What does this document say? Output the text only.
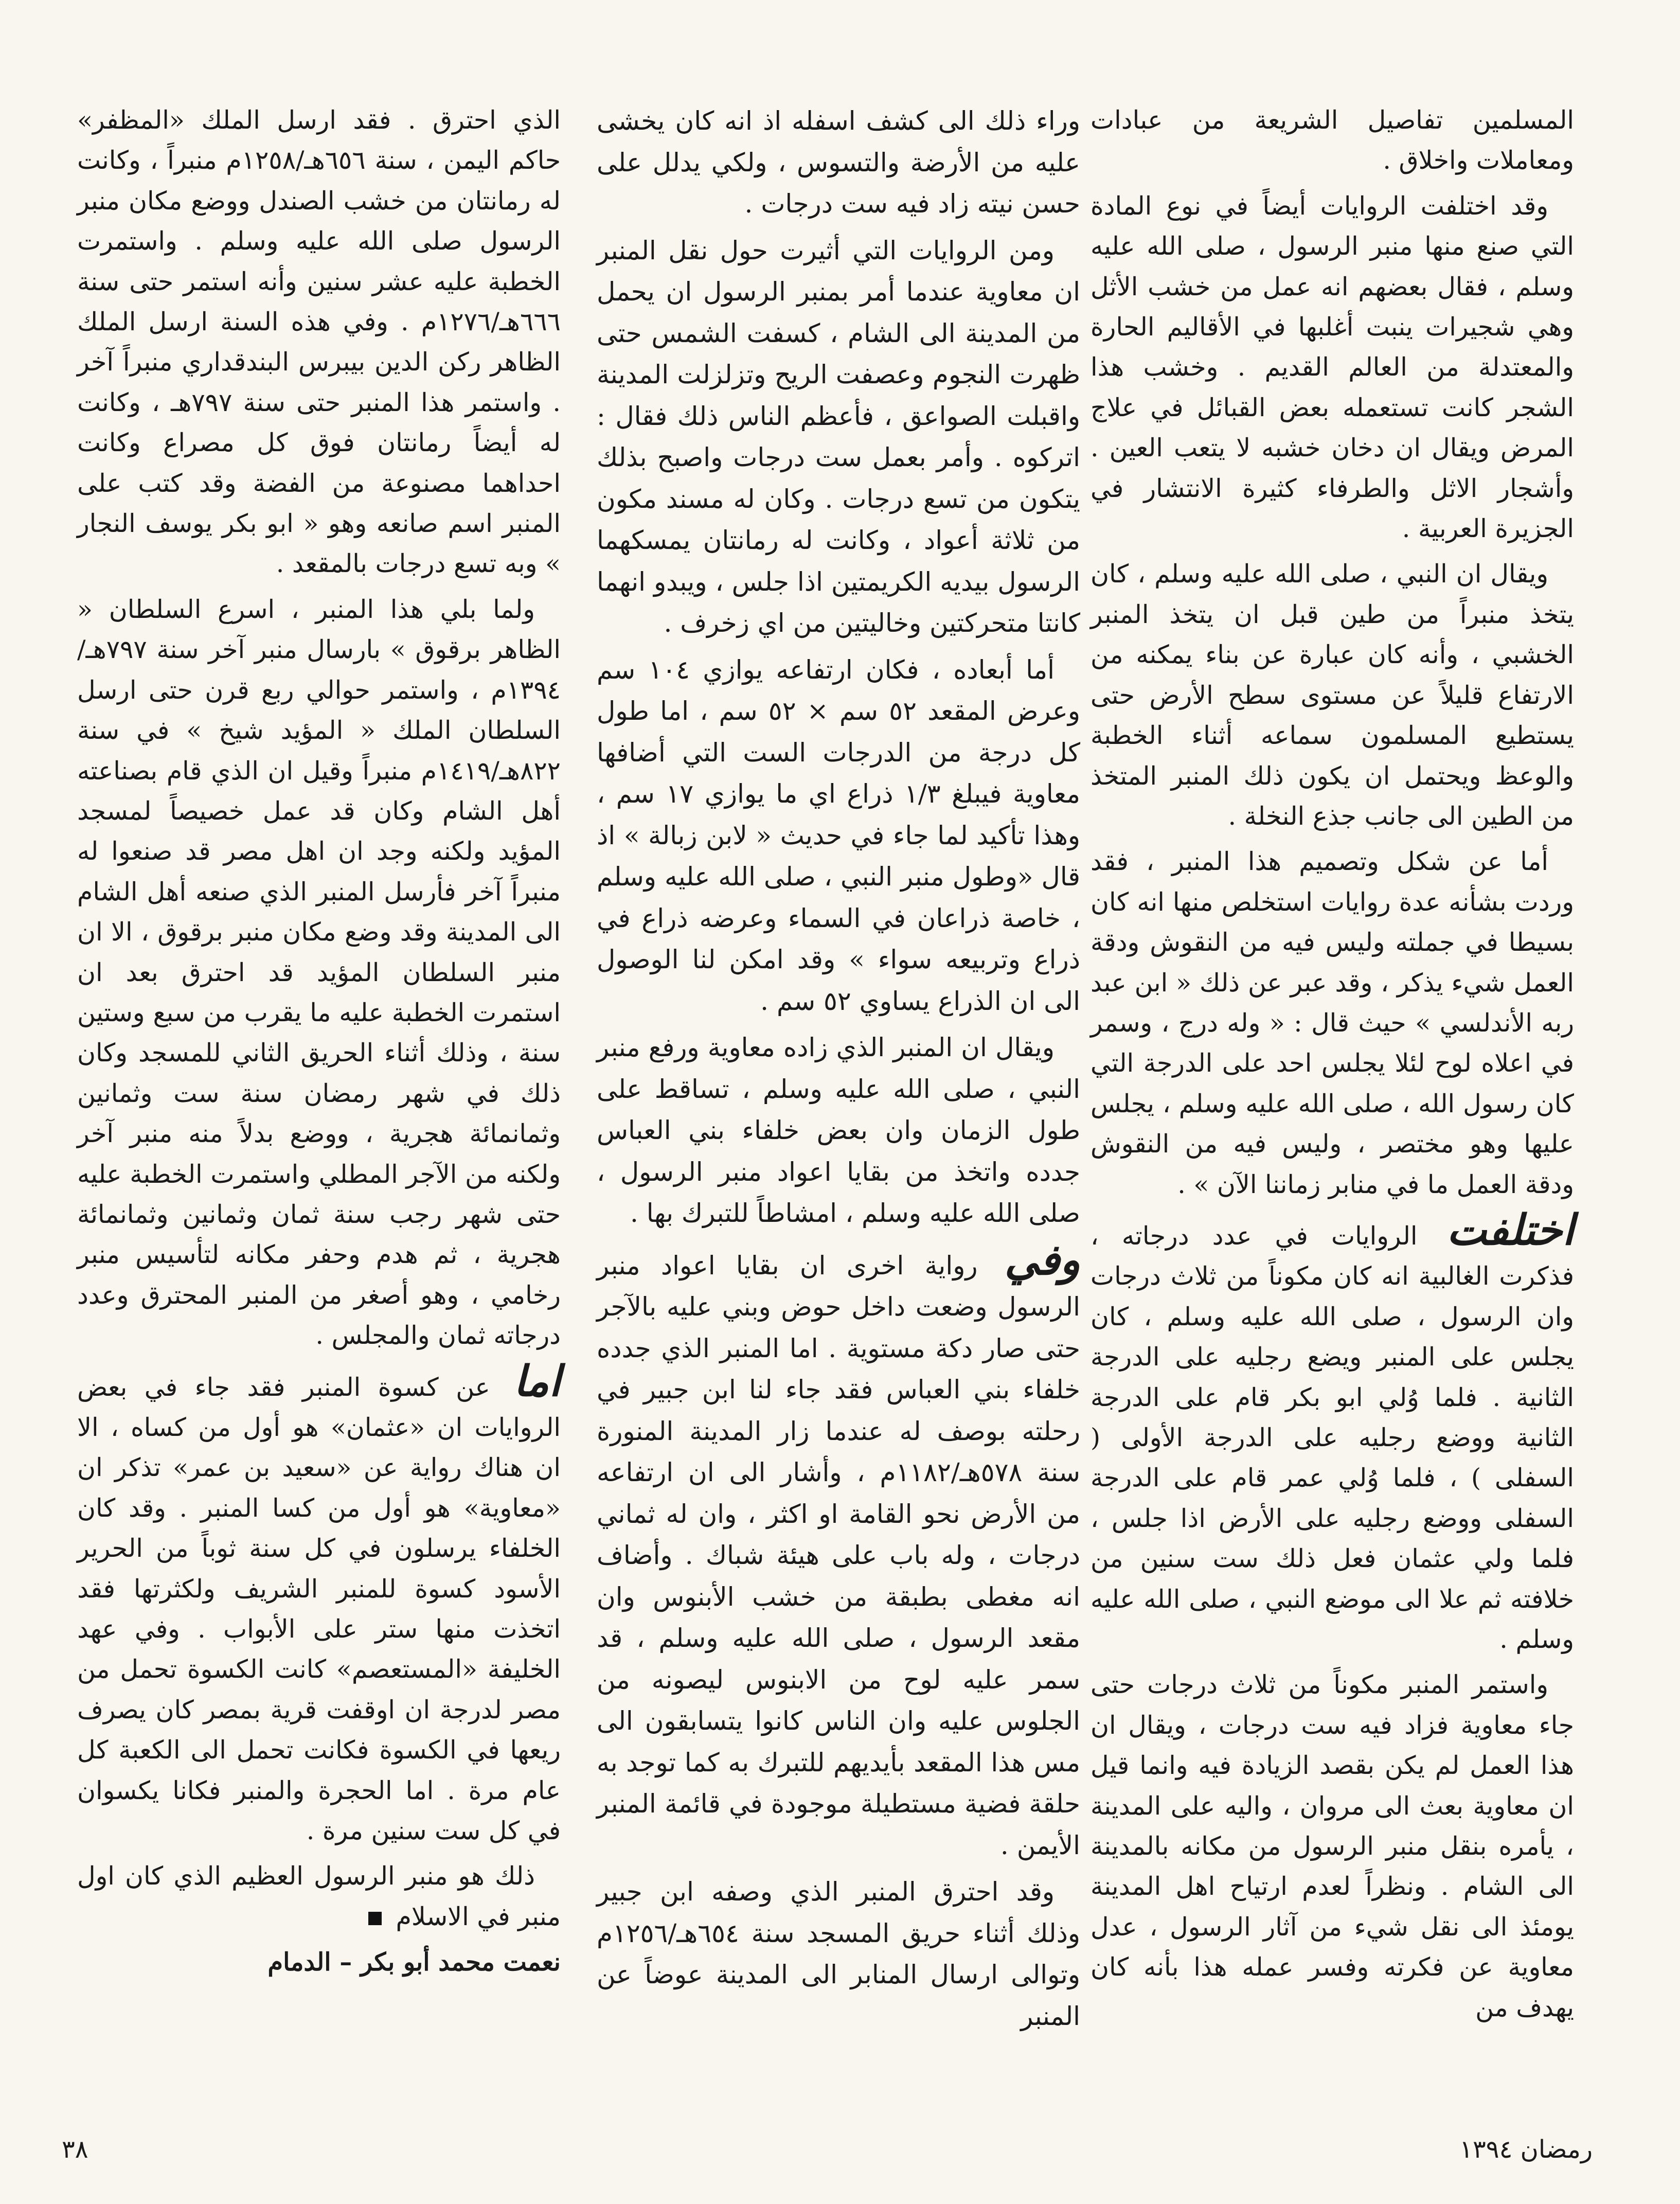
المسلمين تفاصيل الشريعة من عبادات ومعاملات واخلاق .

وقد اختلفت الروايات أيضاً في نوع المادة التي صنع منها منبر الرسول ، صلى الله عليه وسلم ، فقال بعضهم انه عمل من خشب الأثل وهي شجيرات ينبت أغلبها في الأقاليم الحارة والمعتدلة من العالم القديم . وخشب هذا الشجر كانت تستعمله بعض القبائل في علاج المرض ويقال ان دخان خشبه لا يتعب العين . وأشجار الاثل والطرفاء كثيرة الانتشار في الجزيرة العربية .

ويقال ان النبي ، صلى الله عليه وسلم ، كان يتخذ منبراً من طين قبل ان يتخذ المنبر الخشبي ، وأنه كان عبارة عن بناء يمكنه من الارتفاع قليلاً عن مستوى سطح الأرض حتى يستطيع المسلمون سماعه أثناء الخطبة والوعظ ويحتمل ان يكون ذلك المنبر المتخذ من الطين الى جانب جذع النخلة .

أما عن شكل وتصميم هذا المنبر ، فقد وردت بشأنه عدة روايات استخلص منها انه كان بسيطا في جملته وليس فيه من النقوش ودقة العمل شيء يذكر ، وقد عبر عن ذلك « ابن عبد ربه الأندلسي » حيث قال : « وله درج ، وسمر في اعلاه لوح لئلا يجلس احد على الدرجة التي كان رسول الله ، صلى الله عليه وسلم ، يجلس عليها وهو مختصر ، وليس فيه من النقوش ودقة العمل ما في منابر زماننا الآن » .

اختلفت الروايات في عدد درجاته ، فذكرت الغالبية انه كان مكوناً من ثلاث درجات وان الرسول ، صلى الله عليه وسلم ، كان يجلس على المنبر ويضع رجليه على الدرجة الثانية . فلما وُلي ابو بكر قام على الدرجة الثانية ووضع رجليه على الدرجة الأولى ( السفلى ) ، فلما وُلي عمر قام على الدرجة السفلى ووضع رجليه على الأرض اذا جلس ، فلما ولي عثمان فعل ذلك ست سنين من خلافته ثم علا الى موضع النبي ، صلى الله عليه وسلم .

واستمر المنبر مكوناً من ثلاث درجات حتى جاء معاوية فزاد فيه ست درجات ، ويقال ان هذا العمل لم يكن بقصد الزيادة فيه وانما قيل ان معاوية بعث الى مروان ، واليه على المدينة ، يأمره بنقل منبر الرسول من مكانه بالمدينة الى الشام . ونظراً لعدم ارتياح اهل المدينة يومئذ الى نقل شيء من آثار الرسول ، عدل معاوية عن فكرته وفسر عمله هذا بأنه كان يهدف من

وراء ذلك الى كشف اسفله اذ انه كان يخشى عليه من الأرضة والتسوس ، ولكي يدلل على حسن نيته زاد فيه ست درجات .

ومن الروايات التي أثيرت حول نقل المنبر ان معاوية عندما أمر بمنبر الرسول ان يحمل من المدينة الى الشام ، كسفت الشمس حتى ظهرت النجوم وعصفت الريح وتزلزلت المدينة واقبلت الصواعق ، فأعظم الناس ذلك فقال : اتركوه . وأمر بعمل ست درجات واصبح بذلك يتكون من تسع درجات . وكان له مسند مكون من ثلاثة أعواد ، وكانت له رمانتان يمسكهما الرسول بيديه الكريمتين اذا جلس ، ويبدو انهما كانتا متحركتين وخاليتين من اي زخرف .

أما أبعاده ، فكان ارتفاعه يوازي ١٠٤ سم وعرض المقعد ٥٢ سم × ٥٢ سم ، اما طول كل درجة من الدرجات الست التي أضافها معاوية فيبلغ ١/٣ ذراع اي ما يوازي ١٧ سم ، وهذا تأكيد لما جاء في حديث « لابن زبالة » اذ قال «وطول منبر النبي ، صلى الله عليه وسلم ، خاصة ذراعان في السماء وعرضه ذراع في ذراع وتربيعه سواء » وقد امكن لنا الوصول الى ان الذراع يساوي ٥٢ سم .

ويقال ان المنبر الذي زاده معاوية ورفع منبر النبي ، صلى الله عليه وسلم ، تساقط على طول الزمان وان بعض خلفاء بني العباس جدده واتخذ من بقايا اعواد منبر الرسول ، صلى الله عليه وسلم ، امشاطاً للتبرك بها .

وفي رواية اخرى ان بقايا اعواد منبر الرسول وضعت داخل حوض وبني عليه بالآجر حتى صار دكة مستوية . اما المنبر الذي جدده خلفاء بني العباس فقد جاء لنا ابن جبير في رحلته بوصف له عندما زار المدينة المنورة سنة ٥٧٨هـ/١١٨٢م ، وأشار الى ان ارتفاعه من الأرض نحو القامة او اكثر ، وان له ثماني درجات ، وله باب على هيئة شباك . وأضاف انه مغطى بطبقة من خشب الأبنوس وان مقعد الرسول ، صلى الله عليه وسلم ، قد سمر عليه لوح من الابنوس ليصونه من الجلوس عليه وان الناس كانوا يتسابقون الى مس هذا المقعد بأيديهم للتبرك به كما توجد به حلقة فضية مستطيلة موجودة في قائمة المنبر الأيمن .

وقد احترق المنبر الذي وصفه ابن جبير وذلك أثناء حريق المسجد سنة ٦٥٤هـ/١٢٥٦م وتوالى ارسال المنابر الى المدينة عوضاً عن المنبر

الذي احترق . فقد ارسل الملك «المظفر» حاكم اليمن ، سنة ٦٥٦هـ/١٢٥٨م منبراً ، وكانت له رمانتان من خشب الصندل ووضع مكان منبر الرسول صلى الله عليه وسلم . واستمرت الخطبة عليه عشر سنين وأنه استمر حتى سنة ٦٦٦هـ/١٢٧٦م . وفي هذه السنة ارسل الملك الظاهر ركن الدين بيبرس البندقداري منبراً آخر . واستمر هذا المنبر حتى سنة ٧٩٧هـ ، وكانت له أيضاً رمانتان فوق كل مصراع وكانت احداهما مصنوعة من الفضة وقد كتب على المنبر اسم صانعه وهو « ابو بكر يوسف النجار » وبه تسع درجات بالمقعد .

ولما بلي هذا المنبر ، اسرع السلطان « الظاهر برقوق » بارسال منبر آخر سنة ٧٩٧هـ/١٣٩٤م ، واستمر حوالي ربع قرن حتى ارسل السلطان الملك « المؤيد شيخ » في سنة ٨٢٢هـ/١٤١٩م منبراً وقيل ان الذي قام بصناعته أهل الشام وكان قد عمل خصيصاً لمسجد المؤيد ولكنه وجد ان اهل مصر قد صنعوا له منبراً آخر فأرسل المنبر الذي صنعه أهل الشام الى المدينة وقد وضع مكان منبر برقوق ، الا ان منبر السلطان المؤيد قد احترق بعد ان استمرت الخطبة عليه ما يقرب من سبع وستين سنة ، وذلك أثناء الحريق الثاني للمسجد وكان ذلك في شهر رمضان سنة ست وثمانين وثمانمائة هجرية ، ووضع بدلاً منه منبر آخر ولكنه من الآجر المطلي واستمرت الخطبة عليه حتى شهر رجب سنة ثمان وثمانين وثمانمائة هجرية ، ثم هدم وحفر مكانه لتأسيس منبر رخامي ، وهو أصغر من المنبر المحترق وعدد درجاته ثمان والمجلس .

اما عن كسوة المنبر فقد جاء في بعض الروايات ان «عثمان» هو أول من كساه ، الا ان هناك رواية عن «سعيد بن عمر» تذكر ان «معاوية» هو أول من كسا المنبر . وقد كان الخلفاء يرسلون في كل سنة ثوباً من الحرير الأسود كسوة للمنبر الشريف ولكثرتها فقد اتخذت منها ستر على الأبواب . وفي عهد الخليفة «المستعصم» كانت الكسوة تحمل من مصر لدرجة ان اوقفت قرية بمصر كان يصرف ريعها في الكسوة فكانت تحمل الى الكعبة كل عام مرة . اما الحجرة والمنبر فكانا يكسوان في كل ست سنين مرة .

ذلك هو منبر الرسول العظيم الذي كان اول منبر في الاسلام

نعمت محمد أبو بكر – الدمام

رمضان ١٣٩٤
٣٨
